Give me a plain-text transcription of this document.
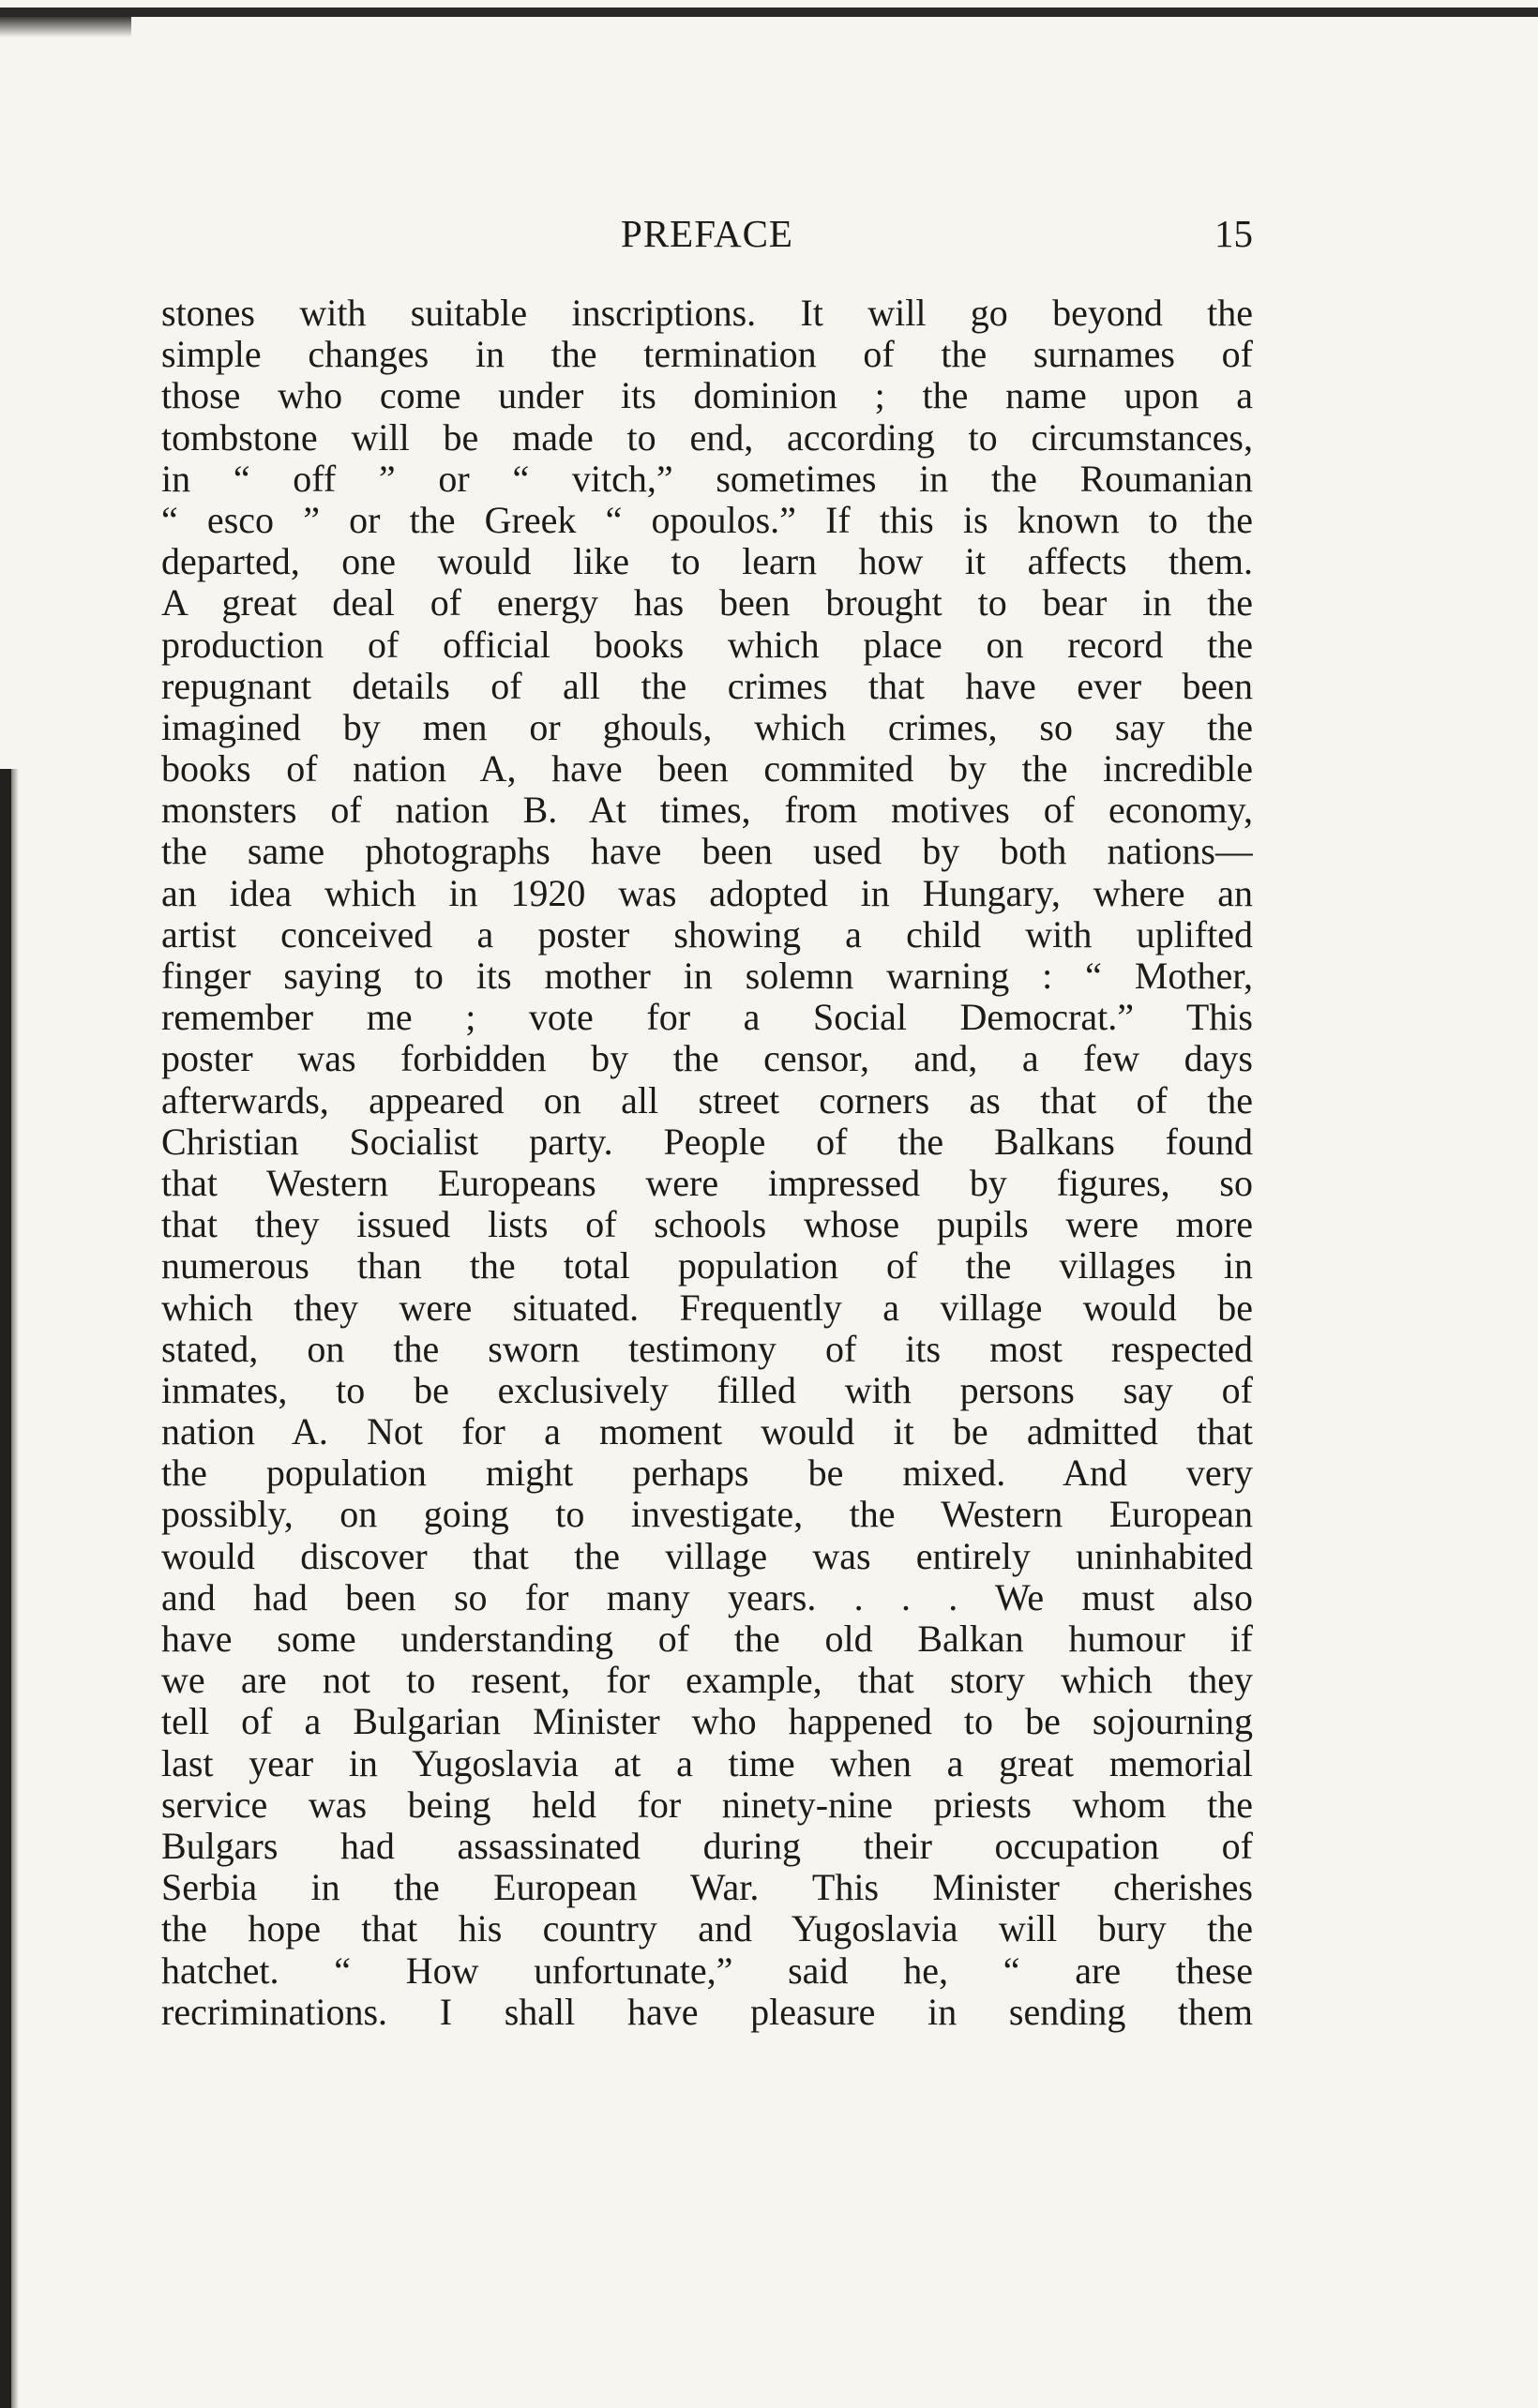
PREFACE	15
stones with suitable inscriptions. It will go beyond the
simple changes in the termination of the surnames of
those who come under its dominion ; the name upon a
tombstone will be made to end, according to circumstances,
in “ off ” or “ vitch,” sometimes in the Roumanian
“ esco ” or the Greek “ opoulos.” If this is known to the
departed, one would like to learn how it affects them.
A great deal of energy has been brought to bear in the
production of official books which place on record the
repugnant details of all the crimes that have ever been
imagined by men or ghouls, which crimes, so say the
books of nation A, have been commited by the incredible
monsters of nation B. At times, from motives of economy,
the same photographs have been used by both nations—
an idea which in 1920 was adopted in Hungary, where an
artist conceived a poster showing a child with uplifted
finger saying to its mother in solemn warning : “ Mother,
remember me ; vote for a Social Democrat.” This
poster was forbidden by the censor, and, a few days
afterwards, appeared on all street corners as that of the
Christian Socialist party. People of the Balkans found
that Western Europeans were impressed by figures, so
that they issued lists of schools whose pupils were more
numerous than the total population of the villages in
which they were situated. Frequently a village would be
stated, on the sworn testimony of its most respected
inmates, to be exclusively filled with persons say of
nation A. Not for a moment would it be admitted that
the population might perhaps be mixed. And very
possibly, on going to investigate, the Western European
would discover that the village was entirely uninhabited
and had been so for many years. . . . We must also
have some understanding of the old Balkan humour if
we are not to resent, for example, that story which they
tell of a Bulgarian Minister who happened to be sojourning
last year in Yugoslavia at a time when a great memorial
service was being held for ninety-nine priests whom the
Bulgars had assassinated during their occupation of
Serbia in the European War. This Minister cherishes
the hope that his country and Yugoslavia will bury the
hatchet. “ How unfortunate,” said he, “ are these
recriminations. I shall have pleasure in sending them
